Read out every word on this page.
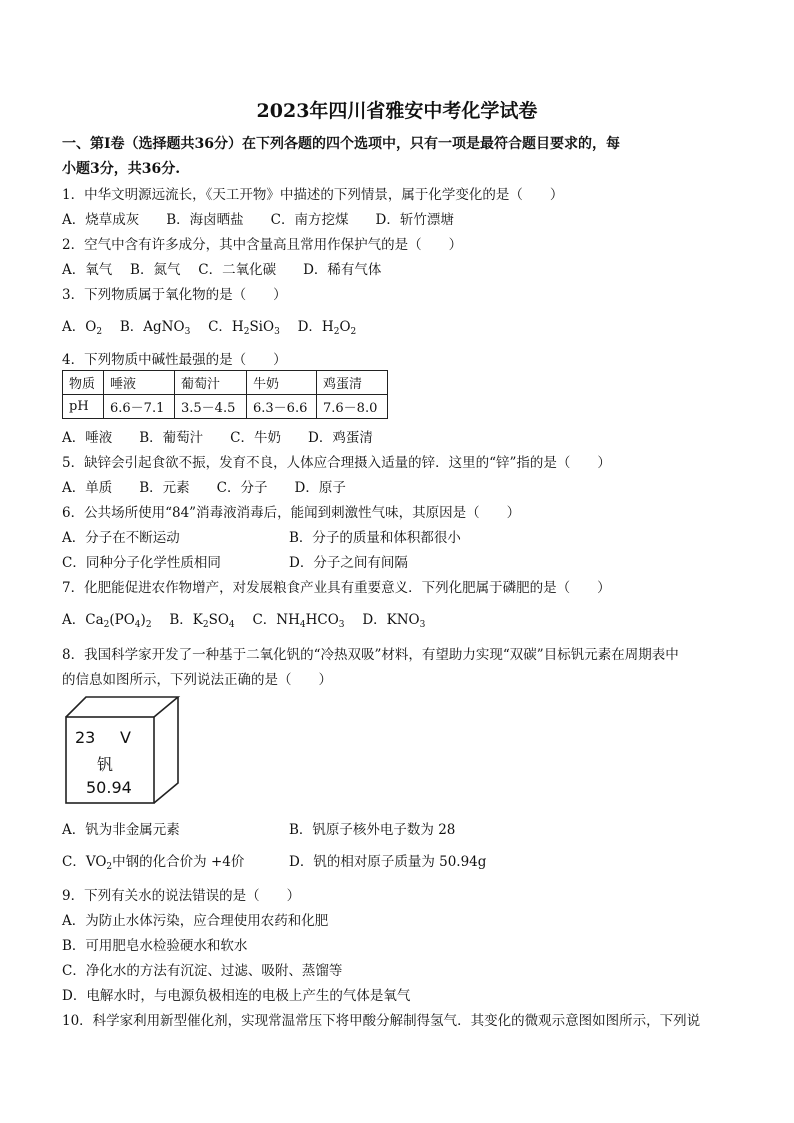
2023年四川省雅安中考化学试卷
一、第Ⅰ卷（选择题共36分）在下列各题的四个选项中，只有一项是最符合题目要求的，每
小题3分，共36分.
1．中华文明源远流长，《天工开物》中描述的下列情景，属于化学变化的是（　　）
A．烧草成灰　　B．海卤晒盐　　C．南方挖煤　　D．斩竹漂塘
2．空气中含有许多成分，其中含量高且常用作保护气的是（　　）
A．氧气　 B．氮气　 C．二氧化碳　　D．稀有气体
3．下列物质属于氧化物的是（　　）
A．$O_2$　 B．AgNO$_3$　 C．$H_2SiO_3$　 D．$H_2O_2$
4．下列物质中碱性最强的是（　　）
物质	唾液	葡萄汁	牛奶	鸡蛋清
pH	6.6－7.1	3.5－4.5	6.3－6.6	7.6－8.0
A．唾液　　B．葡萄汁　　C．牛奶　　D．鸡蛋清
5．缺锌会引起食欲不振，发育不良，人体应合理摄入适量的锌．这里的“锌”指的是（　　）
A．单质　　B．元素　　C．分子　　D．原子
6．公共场所使用“84”消毒液消毒后，能闻到刺激性气味，其原因是（　　）
A．分子在不断运动	B．分子的质量和体积都很小
C．同种分子化学性质相同	D．分子之间有间隔
7．化肥能促进农作物增产，对发展粮食产业具有重要意义．下列化肥属于磷肥的是（　　）
A．$Ca_2(PO_4)_2$　 B．$K_2SO_4$　 C．$NH_4HCO_3$　 D．$KNO_3$
8．我国科学家开发了一种基于二氧化钒的“冷热双吸”材料，有望助力实现“双碳”目标钒元素在周期表中
的信息如图所示，下列说法正确的是（　　）
23 V
钒
50.94
A．钒为非金属元素	B．钒原子核外电子数为 28
C．$VO_2$中钢的化合价为 +4价	D．钒的相对原子质量为 50.94g
9．下列有关水的说法错误的是（　　）
A．为防止水体污染，应合理使用农药和化肥
B．可用肥皂水检验硬水和软水
C．净化水的方法有沉淀、过滤、吸附、蒸馏等
D．电解水时，与电源负极相连的电极上产生的气体是氧气
10．科学家利用新型催化剂，实现常温常压下将甲酸分解制得氢气．其变化的微观示意图如图所示，下列说
